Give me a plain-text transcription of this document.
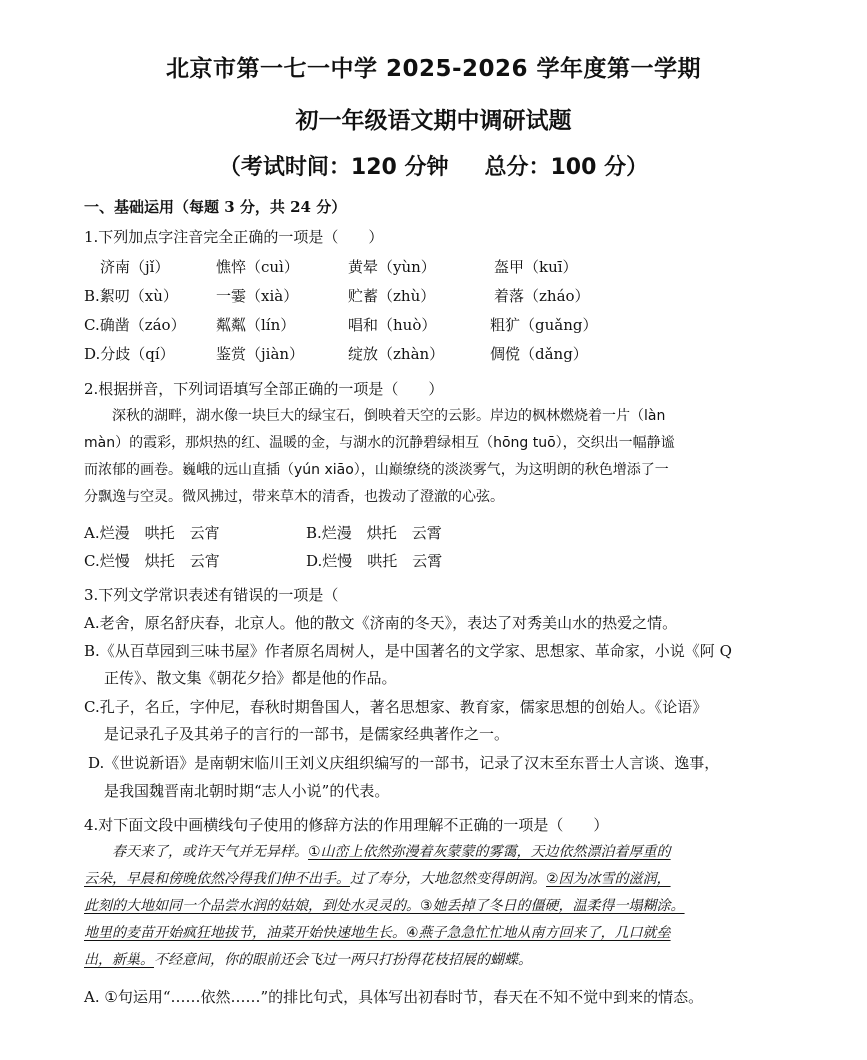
北京市第一七一中学 2025-2026 学年度第一学期
初一年级语文期中调研试题
（考试时间：120 分钟 总分：100 分）
一、基础运用（每题 3 分，共 24 分）
1.下列加点字注音完全正确的一项是（　　）
济南（jǐ）	憔悴（cuì）	黄晕（yùn）	盔甲（kuī）
B.絮叨（xù）	一霎（xià）	贮蓄（zhù）	着落（zháo）
C.确凿（záo） 粼粼（lín）	唱和（huò）	粗犷（guǎng）
D.分歧（qí）	鉴赏（jiàn）	绽放（zhàn）	倜傥（dǎng）
2.根据拼音，下列词语填写全部正确的一项是（　　）

深秋的湖畔，湖水像一块巨大的绿宝石，倒映着天空的云影。岸边的枫林燃烧着一片（làn

màn）的霞彩，那炽热的红、温暖的金，与湖水的沉静碧绿相互（hōng tuō），交织出一幅静谧

而浓郁的画卷。巍峨的远山直插（yún xiāo），山巅缭绕的淡淡雾气，为这明朗的秋色增添了一

分飘逸与空灵。微风拂过，带来草木的清香，也拨动了澄澈的心弦。

A.烂漫　哄托　云宵	B.烂漫　烘托　云霄
C.烂慢　烘托　云宵	D.烂慢　哄托　云霄
3.下列文学常识表述有错误的一项是（
A.老舍，原名舒庆春，北京人。他的散文《济南的冬天》，表达了对秀美山水的热爱之情。
B.《从百草园到三味书屋》作者原名周树人，是中国著名的文学家、思想家、革命家，小说《阿 Q
正传》、散文集《朝花夕拾》都是他的作品。
C.孔子，名丘，字仲尼，春秋时期鲁国人，著名思想家、教育家，儒家思想的创始人。《论语》
是记录孔子及其弟子的言行的一部书，是儒家经典著作之一。
D.《世说新语》是南朝宋临川王刘义庆组织编写的一部书，记录了汉末至东晋士人言谈、逸事，
是我国魏晋南北朝时期“志人小说”的代表。
4.对下面文段中画横线句子使用的修辞方法的作用理解不正确的一项是（　　）

春天来了，或许天气并无异样。①山峦上依然弥漫着灰蒙蒙的雾霭，天边依然漂泊着厚重的

云朵，早晨和傍晚依然冷得我们伸不出手。过了寿分，大地忽然变得朗润。②因为冰雪的滋润，

此刻的大地如同一个品尝水润的姑娘，到处水灵灵的。③她丢掉了冬日的僵硬，温柔得一塌糊涂。

地里的麦苗开始疯狂地拔节，油菜开始快速地生长。④燕子急急忙忙地从南方回来了，几口就垒

出，新巢。不经意间，你的眼前还会飞过一两只打扮得花枝招展的蝴蝶。

A. ①句运用“……依然……”的排比句式，具体写出初春时节，春天在不知不觉中到来的情态。
